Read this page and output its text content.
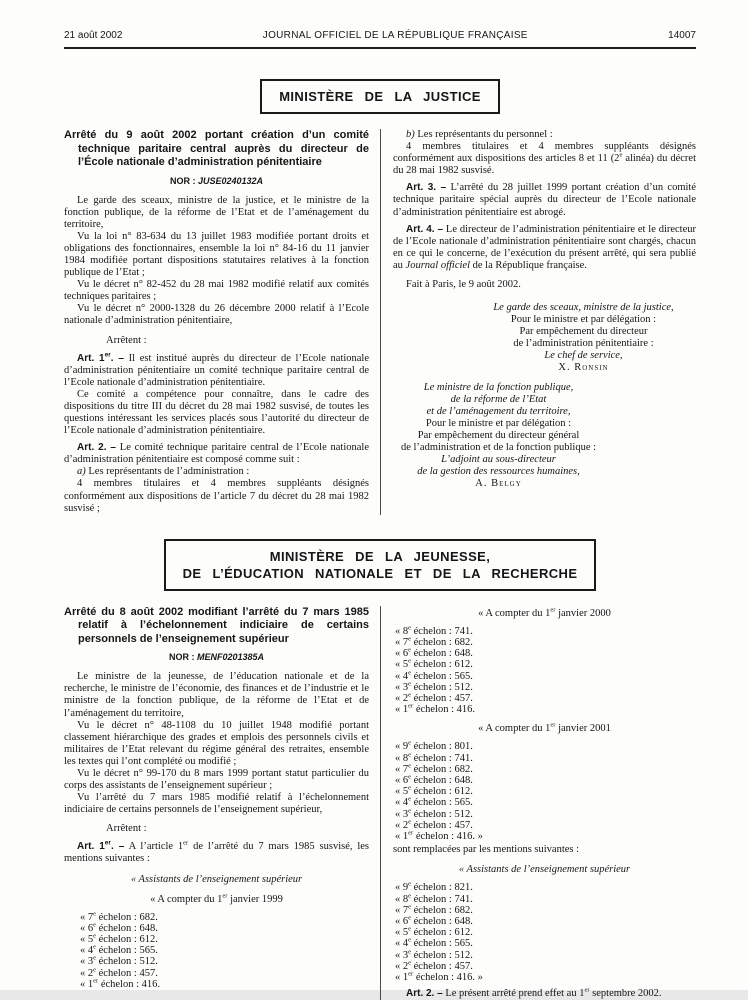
21 août 2002	JOURNAL OFFICIEL DE LA RÉPUBLIQUE FRANÇAISE	14007
MINISTÈRE DE LA JUSTICE
Arrêté du 9 août 2002 portant création d’un comité technique paritaire central auprès du directeur de l’École nationale d’administration pénitentiaire
NOR : JUSE0240132A

Le garde des sceaux, ministre de la justice, et le ministre de la fonction publique, de la réforme de l’Etat et de l’aménagement du territoire,

Vu la loi n° 83-634 du 13 juillet 1983 modifiée portant droits et obligations des fonctionnaires, ensemble la loi n° 84-16 du 11 janvier 1984 modifiée portant dispositions statutaires relatives à la fonction publique de l’Etat ;

Vu le décret n° 82-452 du 28 mai 1982 modifié relatif aux comités techniques paritaires ;

Vu le décret n° 2000-1328 du 26 décembre 2000 relatif à l’Ecole nationale d’administration pénitentiaire,

Arrêtent :

Art. 1er. – Il est institué auprès du directeur de l’Ecole nationale d’administration pénitentiaire un comité technique paritaire central de l’Ecole nationale d’administration pénitentiaire.

Ce comité a compétence pour connaître, dans le cadre des dispositions du titre III du décret du 28 mai 1982 susvisé, de toutes les questions intéressant les services placés sous l’autorité du directeur de l’Ecole nationale d’administration pénitentiaire.

Art. 2. – Le comité technique paritaire central de l’Ecole nationale d’administration pénitentiaire est composé comme suit :

a) Les représentants de l’administration :

4 membres titulaires et 4 membres suppléants désignés conformément aux dispositions de l’article 7 du décret du 28 mai 1982 susvisé ;

b) Les représentants du personnel :

4 membres titulaires et 4 membres suppléants désignés conformément aux dispositions des articles 8 et 11 (2e alinéa) du décret du 28 mai 1982 susvisé.

Art. 3. – L’arrêté du 28 juillet 1999 portant création d’un comité technique paritaire spécial auprès du directeur de l’Ecole nationale d’administration pénitentiaire est abrogé.

Art. 4. – Le directeur de l’administration pénitentiaire et le directeur de l’Ecole nationale d’administration pénitentiaire sont chargés, chacun en ce qui le concerne, de l’exécution du présent arrêté, qui sera publié au Journal officiel de la République française.

Fait à Paris, le 9 août 2002.

Le garde des sceaux, ministre de la justice,
Pour le ministre et par délégation :
Par empêchement du directeur
de l’administration pénitentiaire :
Le chef de service,
X. Ronsin
Le ministre de la fonction publique,
de la réforme de l’Etat
et de l’aménagement du territoire,
Pour le ministre et par délégation :
Par empêchement du directeur général
de l’administration et de la fonction publique :
L’adjoint au sous-directeur
de la gestion des ressources humaines,
A. Belgy
MINISTÈRE DE LA JEUNESSE,
DE L’ÉDUCATION NATIONALE ET DE LA RECHERCHE
Arrêté du 8 août 2002 modifiant l’arrêté du 7 mars 1985 relatif à l’échelonnement indiciaire de certains personnels de l’enseignement supérieur
NOR : MENF0201385A

Le ministre de la jeunesse, de l’éducation nationale et de la recherche, le ministre de l’économie, des finances et de l’industrie et le ministre de la fonction publique, de la réforme de l’Etat et de l’aménagement du territoire,

Vu le décret n° 48-1108 du 10 juillet 1948 modifié portant classement hiérarchique des grades et emplois des personnels civils et militaires de l’Etat relevant du régime général des retraites, ensemble les textes qui l’ont complété ou modifié ;

Vu le décret n° 99-170 du 8 mars 1999 portant statut particulier du corps des assistants de l’enseignement supérieur ;

Vu l’arrêté du 7 mars 1985 modifié relatif à l’échelonnement indiciaire de certains personnels de l’enseignement supérieur,

Arrêtent :

Art. 1er. – A l’article 1er de l’arrêté du 7 mars 1985 susvisé, les mentions suivantes :

« Assistants de l’enseignement supérieur
« A compter du 1er janvier 1999
« 7e échelon : 682.
« 6e échelon : 648.
« 5e échelon : 612.
« 4e échelon : 565.
« 3e échelon : 512.
« 2e échelon : 457.
« 1er échelon : 416.
« A compter du 1er janvier 2000
« 8e échelon : 741.
« 7e échelon : 682.
« 6e échelon : 648.
« 5e échelon : 612.
« 4e échelon : 565.
« 3e échelon : 512.
« 2e échelon : 457.
« 1er échelon : 416.
« A compter du 1er janvier 2001
« 9e échelon : 801.
« 8e échelon : 741.
« 7e échelon : 682.
« 6e échelon : 648.
« 5e échelon : 612.
« 4e échelon : 565.
« 3e échelon : 512.
« 2e échelon : 457.
« 1er échelon : 416. »

sont remplacées par les mentions suivantes :

« Assistants de l’enseignement supérieur
« 9e échelon : 821.
« 8e échelon : 741.
« 7e échelon : 682.
« 6e échelon : 648.
« 5e échelon : 612.
« 4e échelon : 565.
« 3e échelon : 512.
« 2e échelon : 457.
« 1er échelon : 416. »

Art. 2. – Le présent arrêté prend effet au 1er septembre 2002.
